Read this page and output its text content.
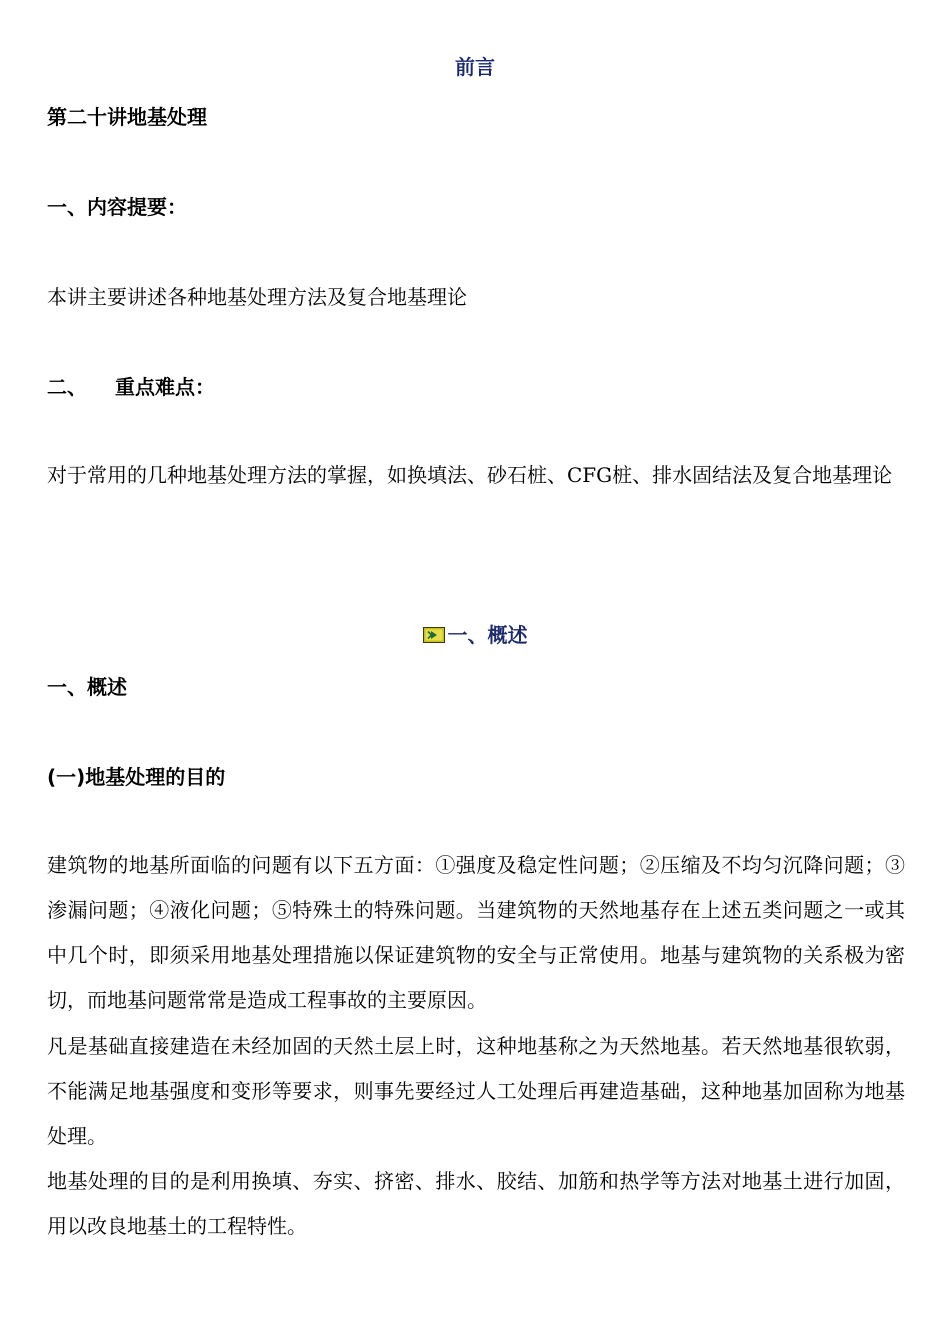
前言
第二十讲地基处理
一、内容提要：
本讲主要讲述各种地基处理方法及复合地基理论
二、 重点难点：
对于常用的几种地基处理方法的掌握，如换填法、砂石桩、CFG桩、排水固结法及复合地基理论
一、概述
一、概述
(一)地基处理的目的
建筑物的地基所面临的问题有以下五方面：①强度及稳定性问题；②压缩及不均匀沉降问题；③渗漏问题；④液化问题；⑤特殊土的特殊问题。当建筑物的天然地基存在上述五类问题之一或其中几个时，即须采用地基处理措施以保证建筑物的安全与正常使用。地基与建筑物的关系极为密切，而地基问题常常是造成工程事故的主要原因。
凡是基础直接建造在未经加固的天然土层上时，这种地基称之为天然地基。若天然地基很软弱，不能满足地基强度和变形等要求，则事先要经过人工处理后再建造基础，这种地基加固称为地基处理。
地基处理的目的是利用换填、夯实、挤密、排水、胶结、加筋和热学等方法对地基土进行加固，用以改良地基土的工程特性。
